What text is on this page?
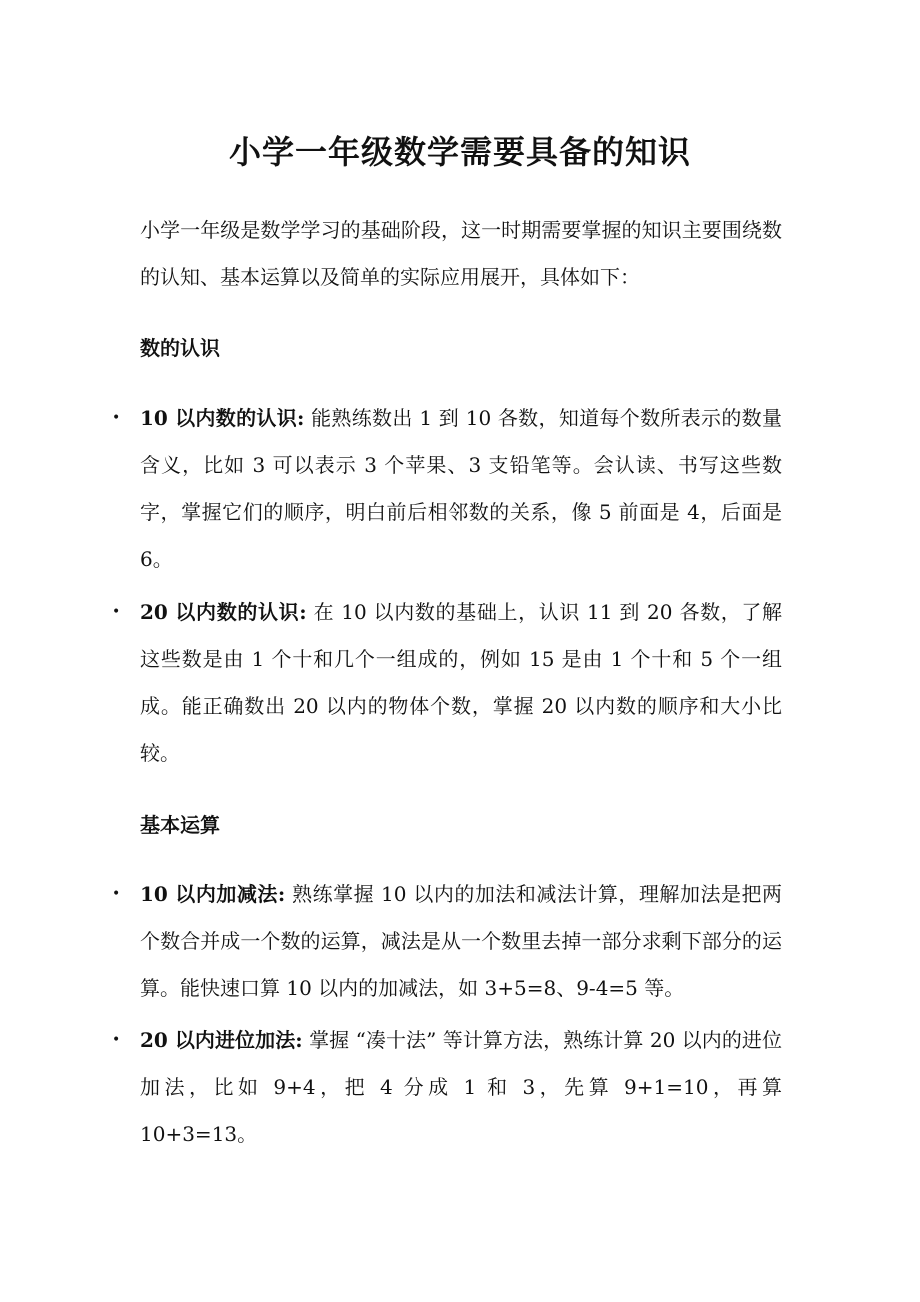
小学一年级数学需要具备的知识

小学一年级是数学学习的基础阶段，这一时期需要掌握的知识主要围绕数的认知、基本运算以及简单的实际应用展开，具体如下：

数的认识

• 10 以内数的认识: 能熟练数出 1 到 10 各数，知道每个数所表示的数量含义，比如 3 可以表示 3 个苹果、3 支铅笔等。会认读、书写这些数字，掌握它们的顺序，明白前后相邻数的关系，像 5 前面是 4，后面是 6。

• 20 以内数的认识: 在 10 以内数的基础上，认识 11 到 20 各数，了解这些数是由 1 个十和几个一组成的，例如 15 是由 1 个十和 5 个一组成。能正确数出 20 以内的物体个数，掌握 20 以内数的顺序和大小比较。

基本运算

• 10 以内加减法: 熟练掌握 10 以内的加法和减法计算，理解加法是把两个数合并成一个数的运算，减法是从一个数里去掉一部分求剩下部分的运算。能快速口算 10 以内的加减法，如 3+5=8、9-4=5 等。

• 20 以内进位加法: 掌握 “凑十法” 等计算方法，熟练计算 20 以内的进位加法，比如 9+4，把 4 分成 1 和 3，先算 9+1=10，再算 10+3=13。
